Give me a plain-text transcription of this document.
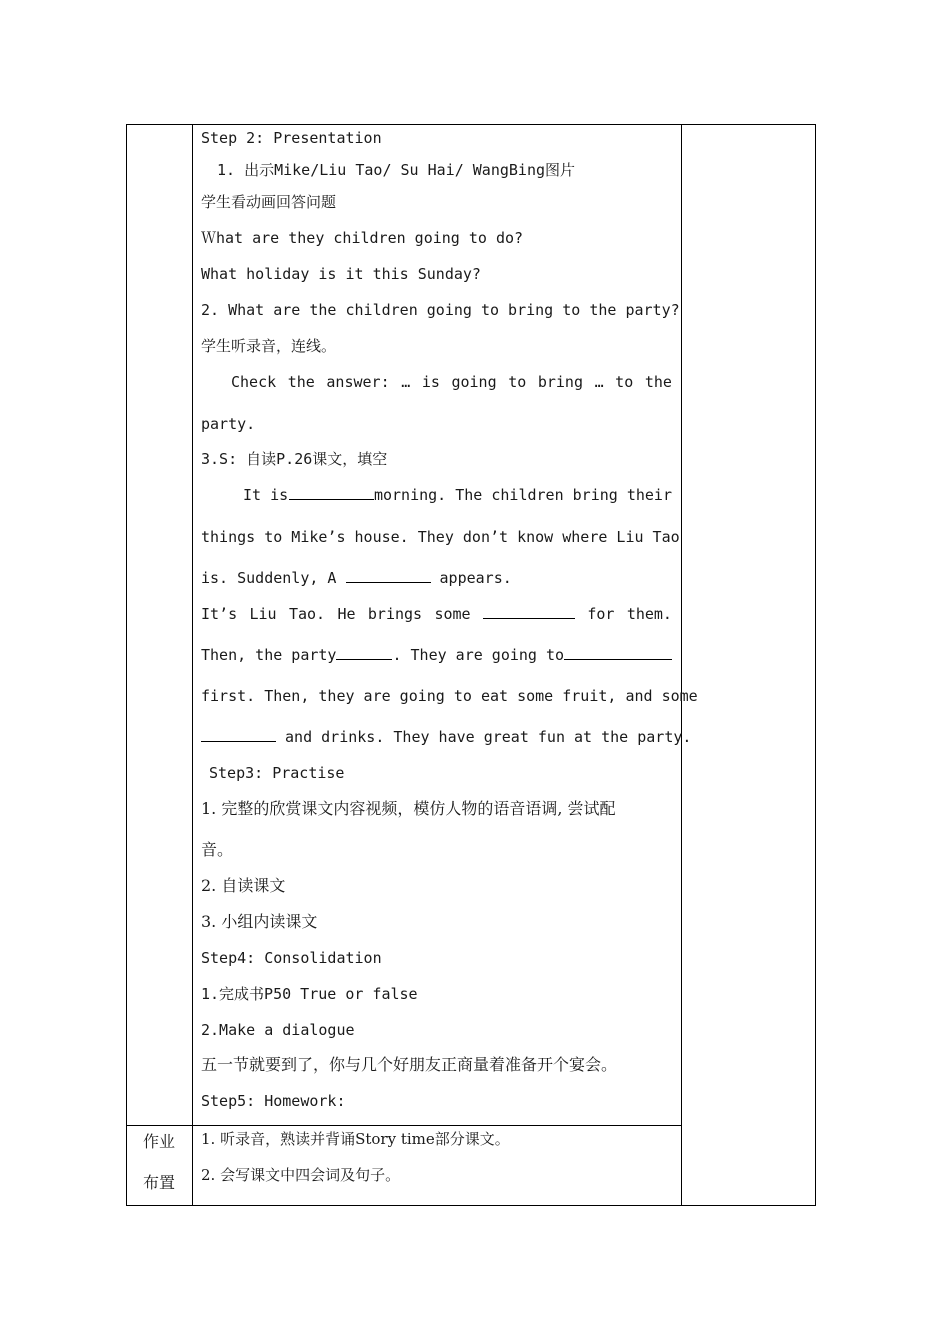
Step 2: Presentation
1. 出示Mike/Liu Tao/ Su Hai/ WangBing图片
学生看动画回答问题
Ｗhat are they children going to do?
What holiday is it this Sunday?
2. What are the children going to bring to the party?
学生听录音，连线。
Check the answer: … is going to bring … to the
party.
3.S: 自读P.26课文，填空
It is	morning. The children bring their
things to Mike’s house. They don’t know where Liu Tao
is. Suddenly, A	appears.
It’s Liu Tao. He brings some	for them.
Then, the party	. They are going to
first. Then, they are going to eat some fruit, and some
and drinks. They have great fun at the party.
Step3: Practise
1. 完整的欣赏课文内容视频，模仿人物的语音语调, 尝试配
音。
2. 自读课文
3. 小组内读课文
Step4: Consolidation
1.完成书P50 True or false
2.Make a dialogue
五一节就要到了，你与几个好朋友正商量着准备开个宴会。
Step5: Homework:
作业
布置
1. 听录音，熟读并背诵Story time部分课文。
2. 会写课文中四会词及句子。
